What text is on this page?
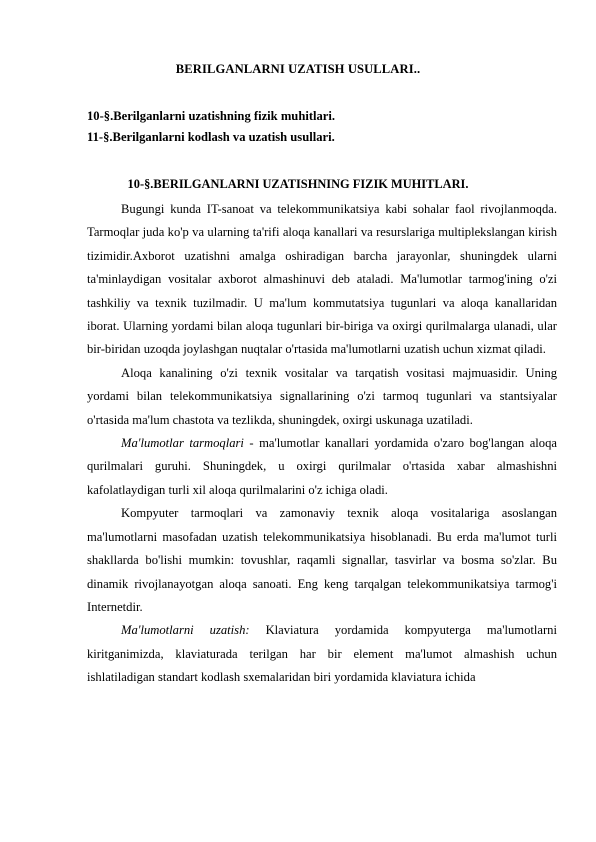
BERILGANLARNI UZATISH USULLARI..
10-§.Berilganlarni uzatishning fizik muhitlari.
11-§.Berilganlarni kodlash va uzatish usullari.
10-§.BERILGANLARNI UZATISHNING FIZIK MUHITLARI.

Bugungi kunda IT-sanoat va telekommunikatsiya kabi sohalar faol rivojlanmoqda. Tarmoqlar juda ko'p va ularning ta'rifi aloqa kanallari va resurslariga multiplekslangan kirish tizimidir.Axborot uzatishni amalga oshiradigan barcha jarayonlar, shuningdek ularni ta'minlaydigan vositalar axborot almashinuvi deb ataladi. Ma'lumotlar tarmog'ining o'zi tashkiliy va texnik tuzilmadir. U ma'lum kommutatsiya tugunlari va aloqa kanallaridan iborat. Ularning yordami bilan aloqa tugunlari bir-biriga va oxirgi qurilmalarga ulanadi, ular bir-biridan uzoqda joylashgan nuqtalar o'rtasida ma'lumotlarni uzatish uchun xizmat qiladi.

Aloqa kanalining o'zi texnik vositalar va tarqatish vositasi majmuasidir. Uning yordami bilan telekommunikatsiya signallarining o'zi tarmoq tugunlari va stantsiyalar o'rtasida ma'lum chastota va tezlikda, shuningdek, oxirgi uskunaga uzatiladi.

Ma'lumotlar tarmoqlari - ma'lumotlar kanallari yordamida o'zaro bog'langan aloqa qurilmalari guruhi. Shuningdek, u oxirgi qurilmalar o'rtasida xabar almashishni kafolatlaydigan turli xil aloqa qurilmalarini o'z ichiga oladi.

Kompyuter tarmoqlari va zamonaviy texnik aloqa vositalariga asoslangan ma'lumotlarni masofadan uzatish telekommunikatsiya hisoblanadi. Bu erda ma'lumot turli shakllarda bo'lishi mumkin: tovushlar, raqamli signallar, tasvirlar va bosma so'zlar. Bu dinamik rivojlanayotgan aloqa sanoati. Eng keng tarqalgan telekommunikatsiya tarmog'i Internetdir.

Ma'lumotlarni uzatish: Klaviatura yordamida kompyuterga ma'lumotlarni kiritganimizda, klaviaturada terilgan har bir element ma'lumot almashish uchun ishlatiladigan standart kodlash sxemalaridan biri yordamida klaviatura ichida
